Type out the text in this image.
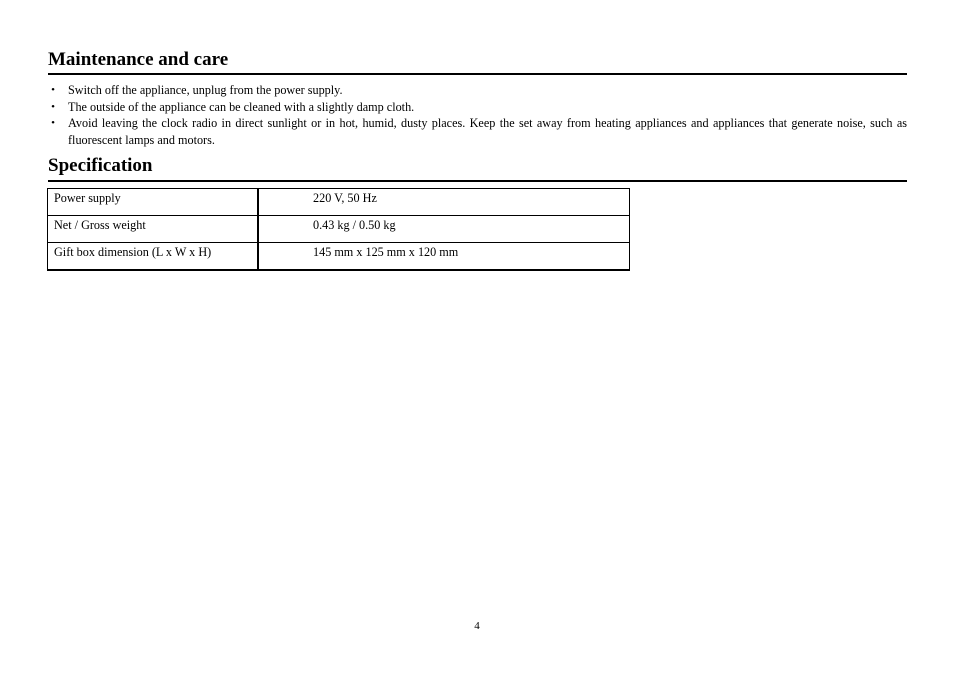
Maintenance and care
• Switch off the appliance, unplug from the power supply.
• The outside of the appliance can be cleaned with a slightly damp cloth.
• Avoid leaving the clock radio in direct sunlight or in hot, humid, dusty places. Keep the set away from heating appliances and appliances that generate noise, such as fluorescent lamps and motors.
Specification
Power supply	220 V, 50 Hz
Net / Gross weight	0.43 kg / 0.50 kg
Gift box dimension (L x W x H)	145 mm x 125 mm x 120 mm
4
